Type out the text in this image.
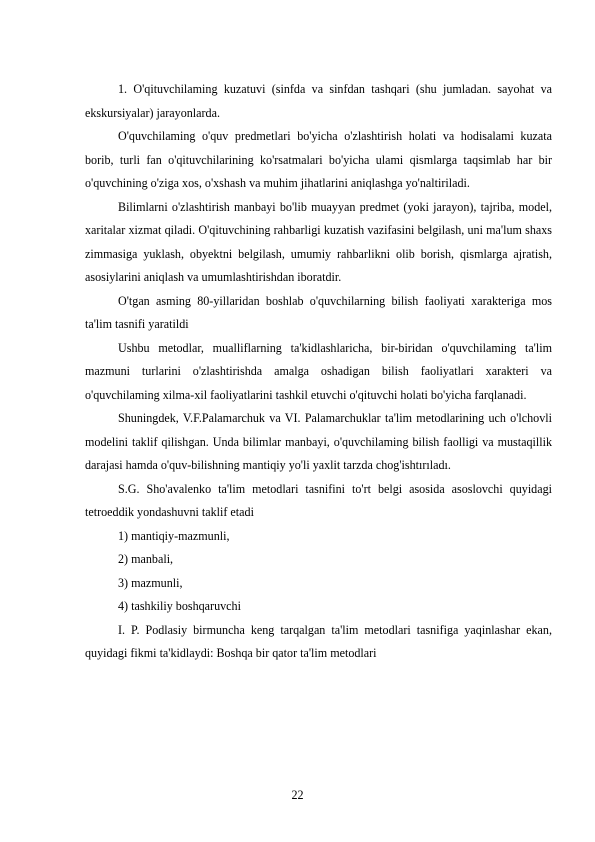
1. O'qituvchilaming kuzatuvi (sinfda va sinfdan tashqari (shu jumladan. sayohat va ekskursiyalar) jarayonlarda.

O'quvchilaming o'quv predmetlari bo'yicha o'zlashtirish holati va hodisalami kuzata borib, turli fan o'qituvchilarining ko'rsatmalari bo'yicha ulami qismlarga taqsimlab har bir o'quvchining o'ziga xos, o'xshash va muhim jihatlarini aniqlashga yo'naltiriladi.

Bilimlarni o'zlashtirish manbayi bo'lib muayyan predmet (yoki jarayon), tajriba, model, xaritalar xizmat qiladi. O'qituvchining rahbarligi kuzatish vazifasini belgilash, uni ma'lum shaxs zimmasiga yuklash, obyektni belgilash, umumiy rahbarlikni olib borish, qismlarga ajratish, asosiylarini aniqlash va umumlashtirishdan iboratdir.

O'tgan asming 80-yillaridan boshlab o'quvchilarning bilish faoliyati xarakteriga mos ta'lim tasnifi yaratildi

Ushbu metodlar, mualliflarning ta'kidlashlaricha, bir-biridan o'quvchilaming ta'lim mazmuni turlarini o'zlashtirishda amalga oshadigan bilish faoliyatlari xarakteri va o'quvchilaming xilma-xil faoliyatlarini tashkil etuvchi o'qituvchi holati bo'yicha farqlanadi.

Shuningdek, V.F.Palamarchuk va VI. Palamarchuklar ta'lim metodlarining uch o'lchovli modelini taklif qilishgan. Unda bilimlar manbayi, o'quvchilaming bilish faolligi va mustaqillik darajasi hamda o'quv-bilishning mantiqiy yo'li yaxlit tarzda chog'ishtırıladı.

S.G. Sho'avalenko ta'lim metodlari tasnifini to'rt belgi asosida asoslovchi quyidagi tetroeddik yondashuvni taklif etadi

1) mantiqiy-mazmunli,

2) manbali,

3) mazmunli,

4) tashkiliy boshqaruvchi

I. P. Podlasiy birmuncha keng tarqalgan ta'lim metodlari tasnifiga yaqinlashar ekan, quyidagi fikmi ta'kidlaydi: Boshqa bir qator ta'lim metodlari

22
